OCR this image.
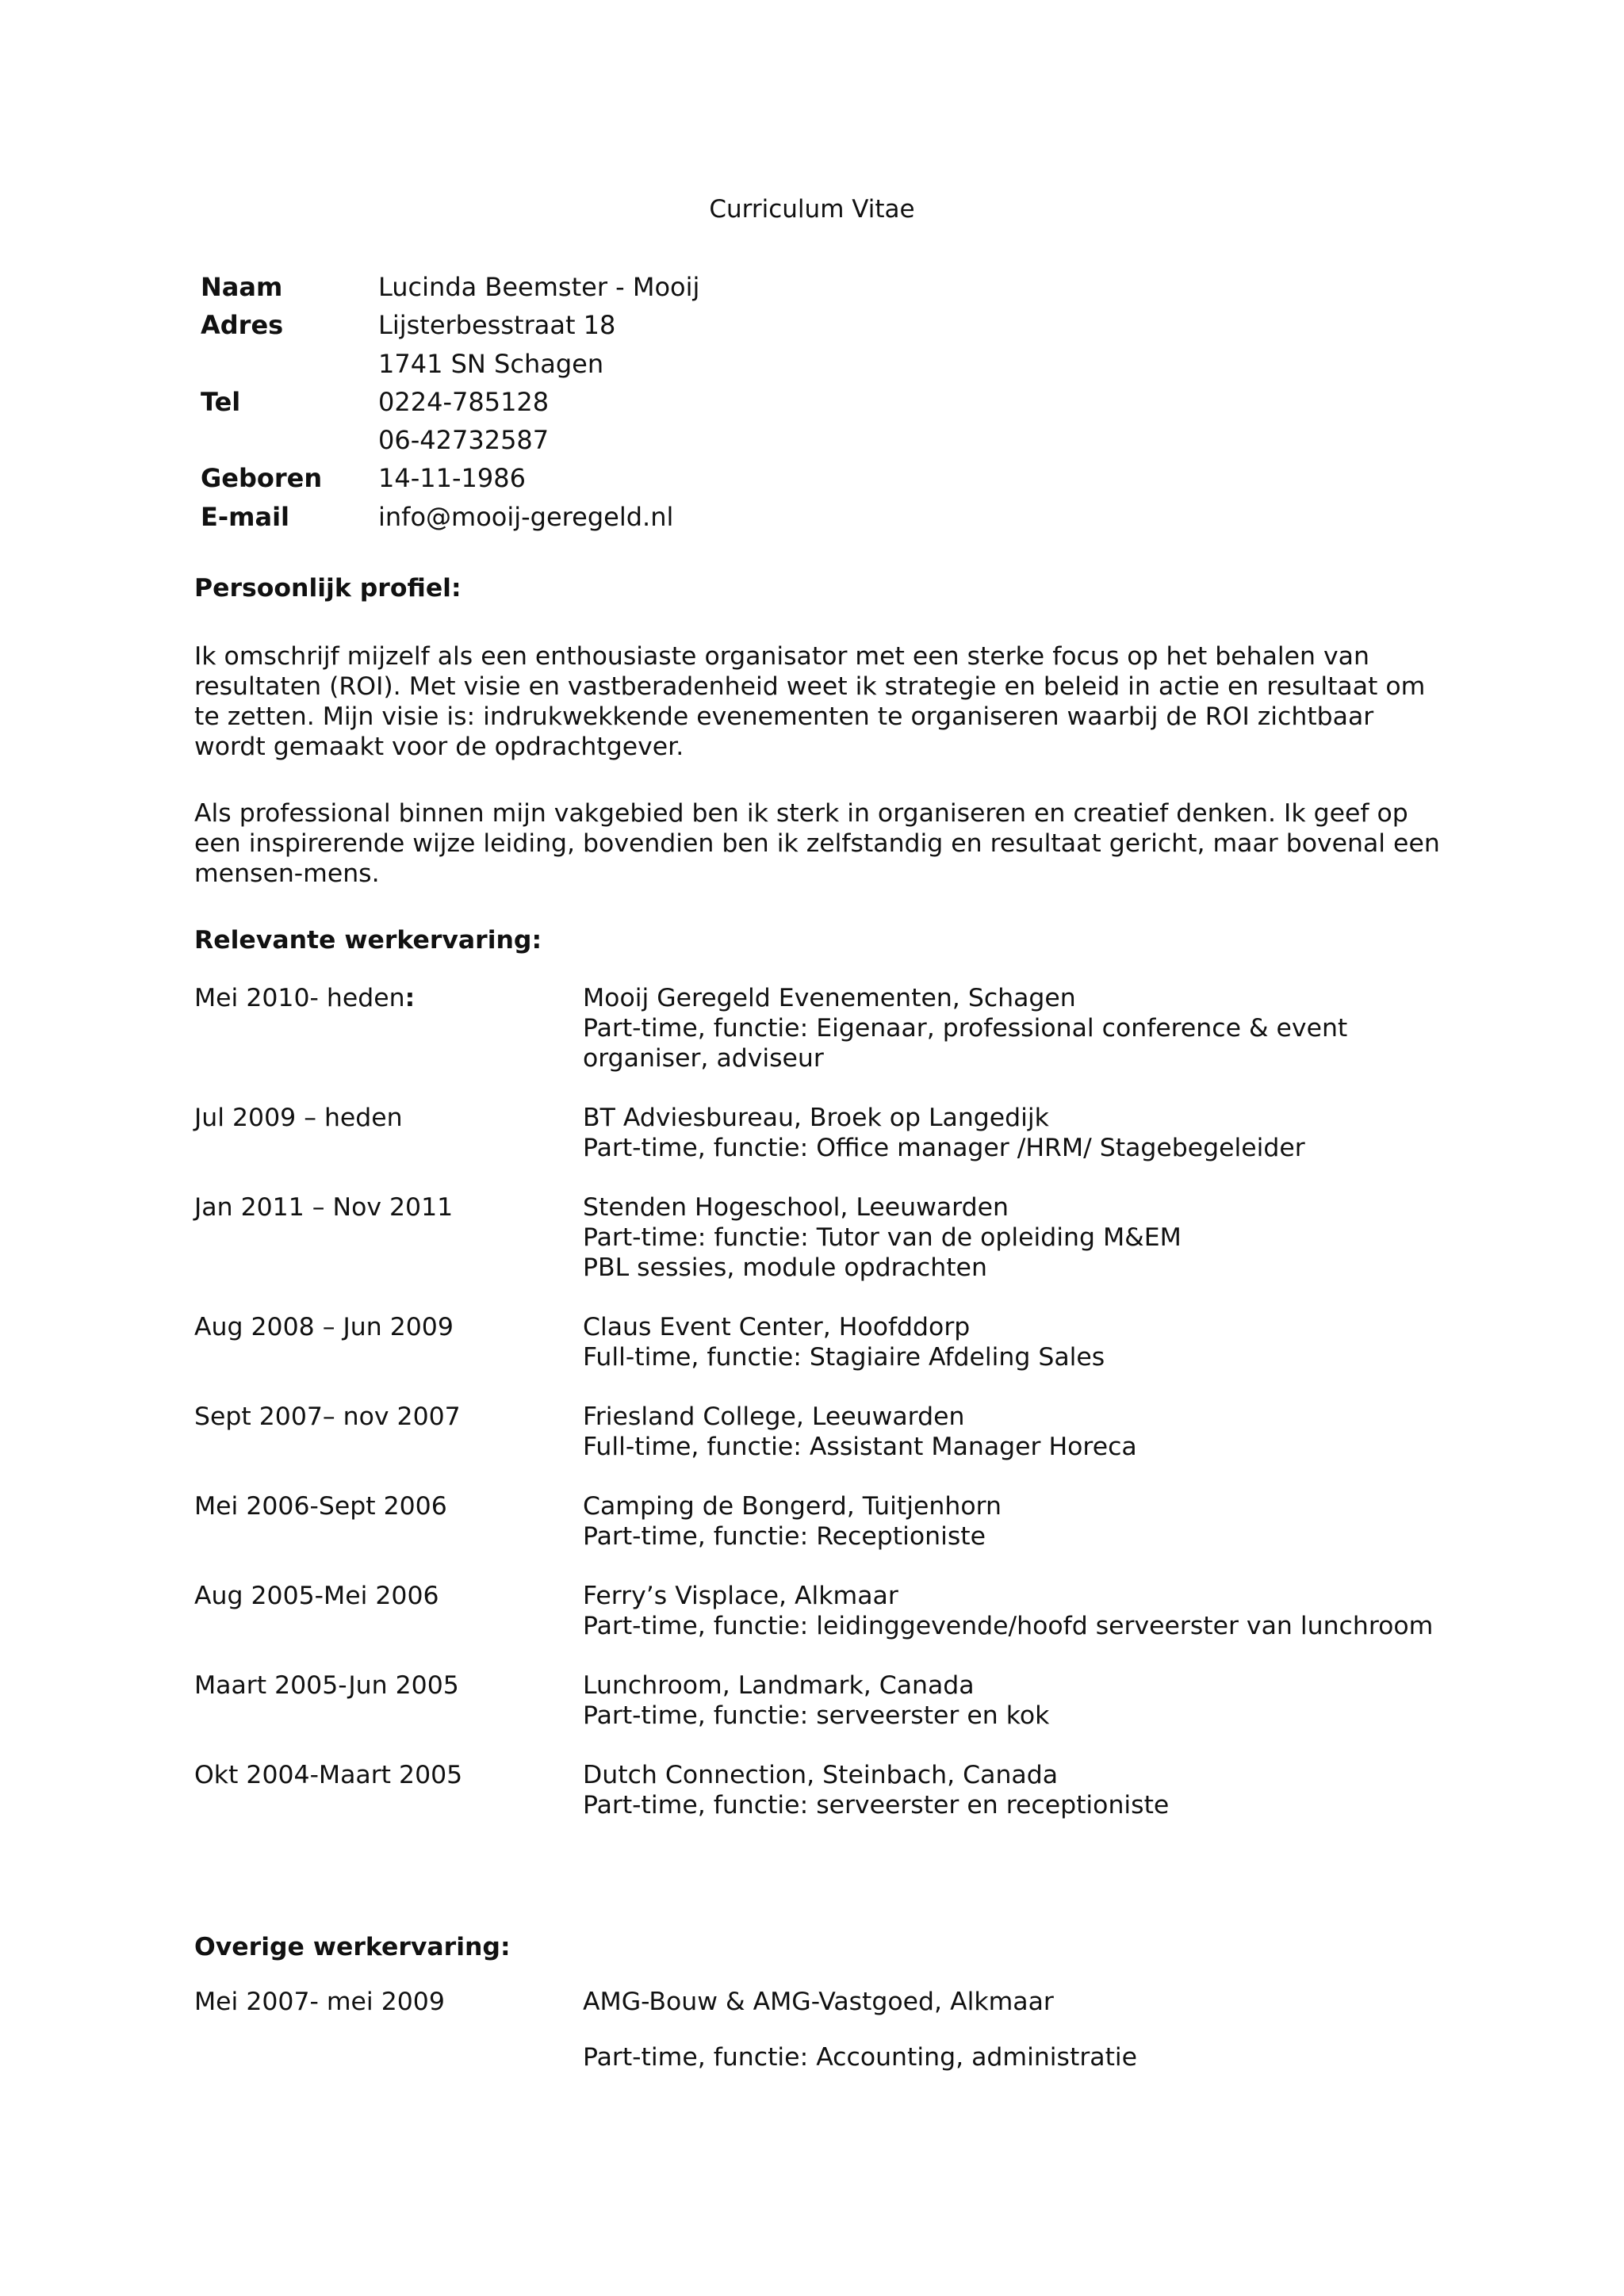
Curriculum Vitae
Naam	Lucinda Beemster - Mooij
Adres	Lijsterbesstraat 18
1741 SN Schagen
Tel	0224-785128
06-42732587
Geboren	14-11-1986
E-mail	info@mooij-geregeld.nl
Persoonlijk profiel:

Ik omschrijf mijzelf als een enthousiaste organisator met een sterke focus op het behalen van
resultaten (ROI). Met visie en vastberadenheid weet ik strategie en beleid in actie en resultaat om
te zetten. Mijn visie is: indrukwekkende evenementen te organiseren waarbij de ROI zichtbaar
wordt gemaakt voor de opdrachtgever.

Als professional binnen mijn vakgebied ben ik sterk in organiseren en creatief denken. Ik geef op
een inspirerende wijze leiding, bovendien ben ik zelfstandig en resultaat gericht, maar bovenal een
mensen-mens.

Relevante werkervaring:
Mei 2010- heden:	Mooij Geregeld Evenementen, Schagen
Part-time, functie: Eigenaar, professional conference & event
organiser, adviseur
Jul 2009 – heden	BT Adviesbureau, Broek op Langedijk
Part-time, functie: Office manager /HRM/ Stagebegeleider
Jan 2011 – Nov 2011	Stenden Hogeschool, Leeuwarden
Part-time: functie: Tutor van de opleiding M&EM
PBL sessies, module opdrachten
Aug 2008 – Jun 2009	Claus Event Center, Hoofddorp
Full-time, functie: Stagiaire Afdeling Sales
Sept 2007– nov 2007	Friesland College, Leeuwarden
Full-time, functie: Assistant Manager Horeca
Mei 2006-Sept 2006	Camping de Bongerd, Tuitjenhorn
Part-time, functie: Receptioniste
Aug 2005-Mei 2006	Ferry’s Visplace, Alkmaar
Part-time, functie: leidinggevende/hoofd serveerster van lunchroom
Maart 2005-Jun 2005	Lunchroom, Landmark, Canada
Part-time, functie: serveerster en kok
Okt 2004-Maart 2005	Dutch Connection, Steinbach, Canada
Part-time, functie: serveerster en receptioniste
Overige werkervaring:
Mei 2007- mei 2009	AMG-Bouw & AMG-Vastgoed, Alkmaar
Part-time, functie: Accounting, administratie
